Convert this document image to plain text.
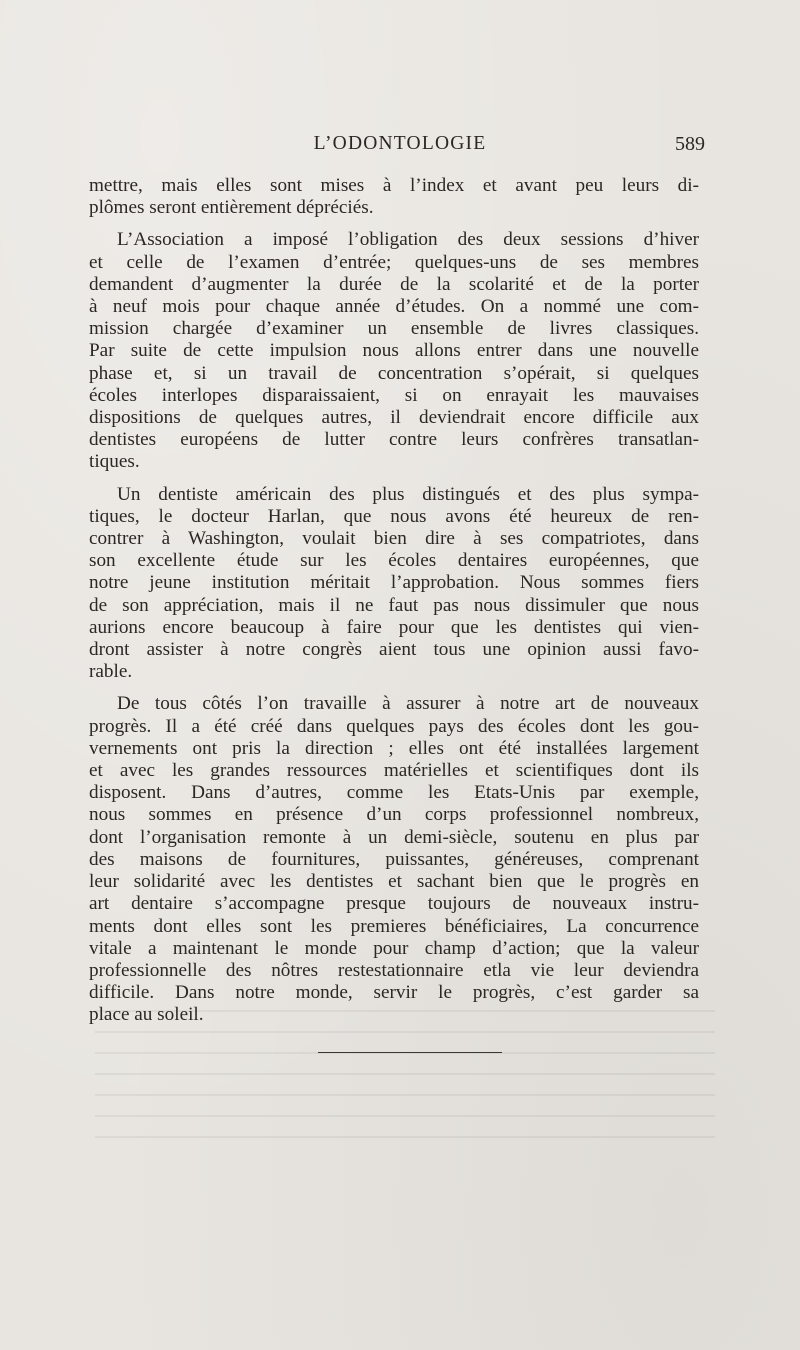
L’ODONTOLOGIE	589
mettre, mais elles sont mises à l’index et avant peu leurs di-
plômes seront entièrement dépréciés.
L’Association a imposé l’obligation des deux sessions d’hiver
et celle de l’examen d’entrée; quelques-uns de ses membres
demandent d’augmenter la durée de la scolarité et de la porter
à neuf mois pour chaque année d’études. On a nommé une com-
mission chargée d’examiner un ensemble de livres classiques.
Par suite de cette impulsion nous allons entrer dans une nouvelle
phase et, si un travail de concentration s’opérait, si quelques
écoles interlopes disparaissaient, si on enrayait les mauvaises
dispositions de quelques autres, il deviendrait encore difficile aux
dentistes européens de lutter contre leurs confrères transatlan-
tiques.
Un dentiste américain des plus distingués et des plus sympa-
tiques, le docteur Harlan, que nous avons été heureux de ren-
contrer à Washington, voulait bien dire à ses compatriotes, dans
son excellente étude sur les écoles dentaires européennes, que
notre jeune institution méritait l’approbation. Nous sommes fiers
de son appréciation, mais il ne faut pas nous dissimuler que nous
aurions encore beaucoup à faire pour que les dentistes qui vien-
dront assister à notre congrès aient tous une opinion aussi favo-
rable.
De tous côtés l’on travaille à assurer à notre art de nouveaux
progrès. Il a été créé dans quelques pays des écoles dont les gou-
vernements ont pris la direction ; elles ont été installées largement
et avec les grandes ressources matérielles et scientifiques dont ils
disposent. Dans d’autres, comme les Etats-Unis par exemple,
nous sommes en présence d’un corps professionnel nombreux,
dont l’organisation remonte à un demi-siècle, soutenu en plus par
des maisons de fournitures, puissantes, généreuses, comprenant
leur solidarité avec les dentistes et sachant bien que le progrès en
art dentaire s’accompagne presque toujours de nouveaux instru-
ments dont elles sont les premieres bénéficiaires, La concurrence
vitale a maintenant le monde pour champ d’action; que la valeur
professionnelle des nôtres restestationnaire etla vie leur deviendra
difficile. Dans notre monde, servir le progrès, c’est garder sa
place au soleil.
